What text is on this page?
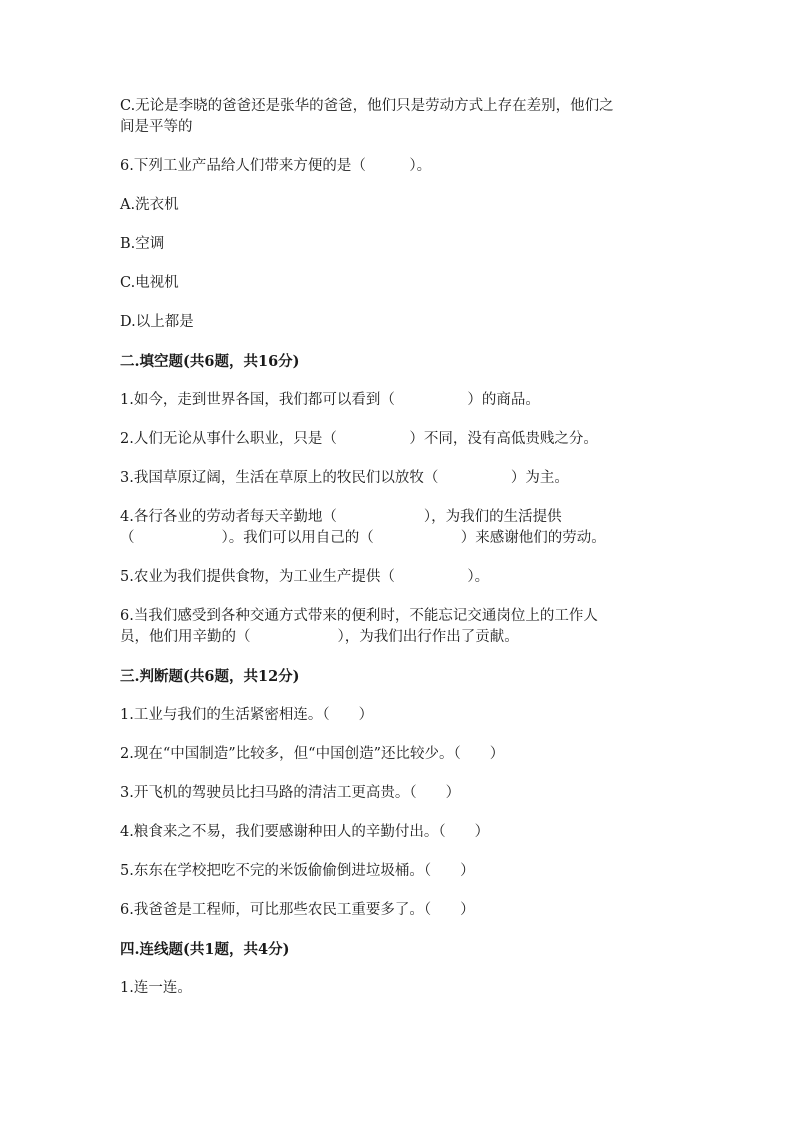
C.无论是李晓的爸爸还是张华的爸爸，他们只是劳动方式上存在差别，他们之
间是平等的

6.下列工业产品给人们带来方便的是（　　　）。

A.洗衣机

B.空调

C.电视机

D.以上都是

二.填空题(共6题，共16分)

1.如今，走到世界各国，我们都可以看到（　　　　　）的商品。

2.人们无论从事什么职业，只是（　　　　　）不同，没有高低贵贱之分。

3.我国草原辽阔，生活在草原上的牧民们以放牧（　　　　　）为主。

4.各行各业的劳动者每天辛勤地（　　　　　　），为我们的生活提供
（　　　　　　）。我们可以用自己的（　　　　　　）来感谢他们的劳动。

5.农业为我们提供食物，为工业生产提供（　　　　　）。

6.当我们感受到各种交通方式带来的便利时，不能忘记交通岗位上的工作人
员，他们用辛勤的（　　　　　　），为我们出行作出了贡献。

三.判断题(共6题，共12分)

1.工业与我们的生活紧密相连。（　　）

2.现在“中国制造”比较多，但“中国创造”还比较少。（　　）

3.开飞机的驾驶员比扫马路的清洁工更高贵。（　　）

4.粮食来之不易，我们要感谢种田人的辛勤付出。（　　）

5.东东在学校把吃不完的米饭偷偷倒进垃圾桶。（　　）

6.我爸爸是工程师，可比那些农民工重要多了。（　　）

四.连线题(共1题，共4分)

1.连一连。
